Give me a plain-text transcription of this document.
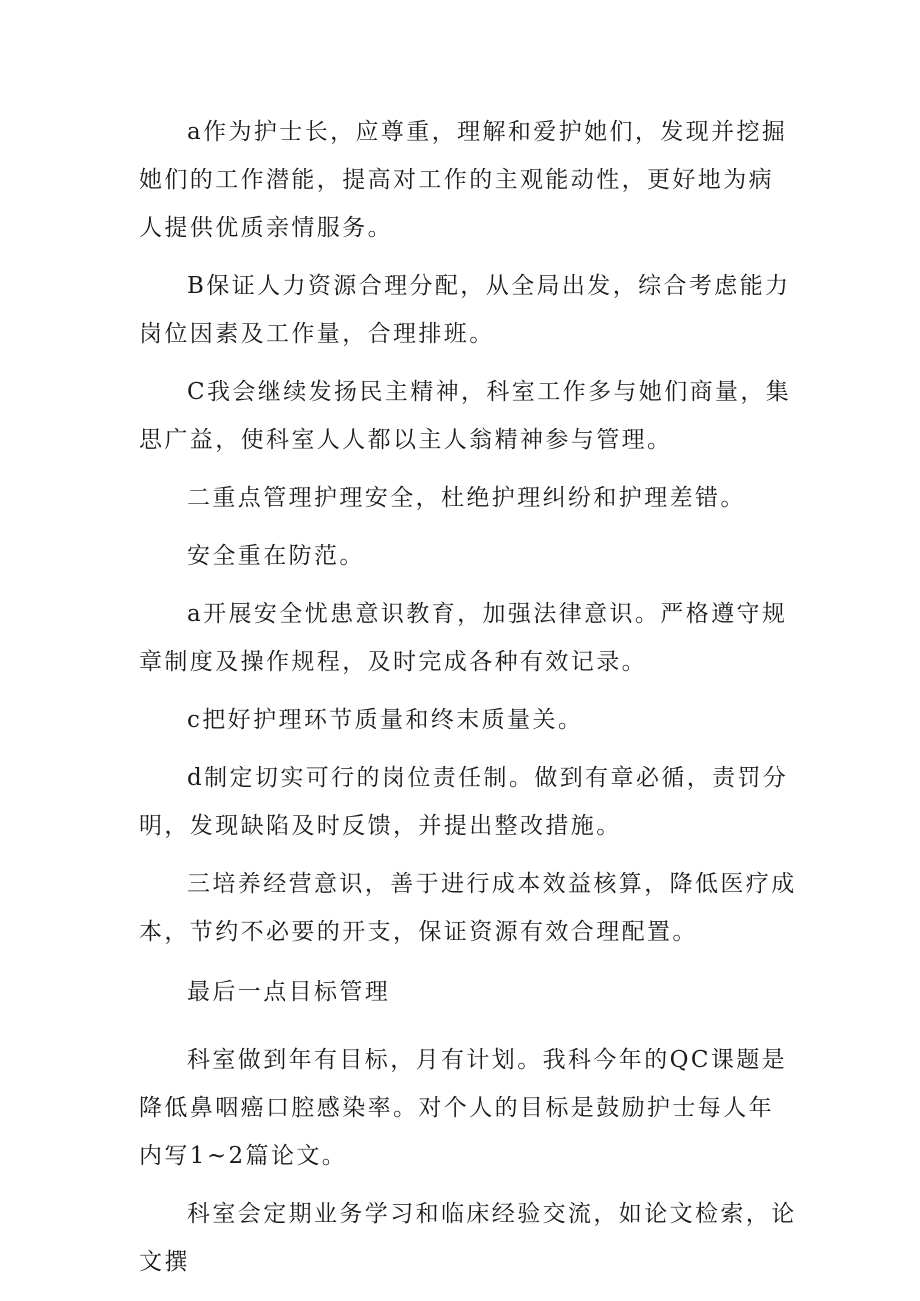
a作为护士长，应尊重，理解和爱护她们，发现并挖掘她们的工作潜能，提高对工作的主观能动性，更好地为病人提供优质亲情服务。

B保证人力资源合理分配，从全局出发，综合考虑能力岗位因素及工作量，合理排班。

C我会继续发扬民主精神，科室工作多与她们商量，集思广益，使科室人人都以主人翁精神参与管理。

二重点管理护理安全，杜绝护理纠纷和护理差错。

安全重在防范。

a开展安全忧患意识教育，加强法律意识。严格遵守规章制度及操作规程，及时完成各种有效记录。

c把好护理环节质量和终末质量关。

d制定切实可行的岗位责任制。做到有章必循，责罚分明，发现缺陷及时反馈，并提出整改措施。

三培养经营意识，善于进行成本效益核算，降低医疗成本，节约不必要的开支，保证资源有效合理配置。

最后一点目标管理

科室做到年有目标，月有计划。我科今年的QC课题是降低鼻咽癌口腔感染率。对个人的目标是鼓励护士每人年内写1~2篇论文。

科室会定期业务学习和临床经验交流，如论文检索，论文撰
